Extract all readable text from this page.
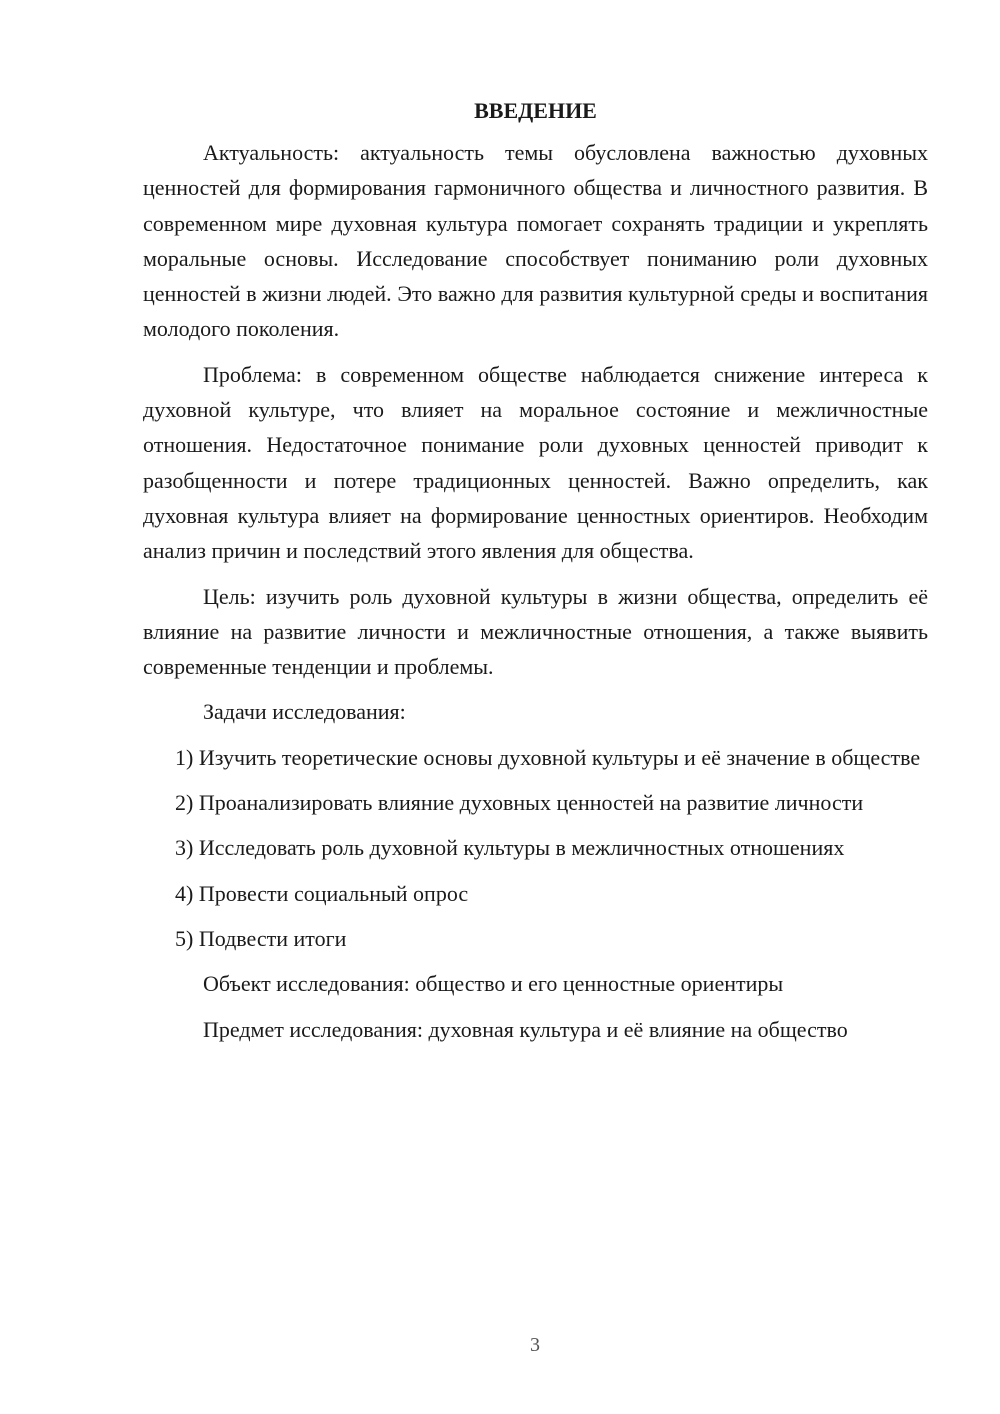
ВВЕДЕНИЕ

Актуальность: актуальность темы обусловлена важностью духовных ценностей для формирования гармоничного общества и личностного развития. В современном мире духовная культура помогает сохранять традиции и укреплять моральные основы. Исследование способствует пониманию роли духовных ценностей в жизни людей. Это важно для развития культурной среды и воспитания молодого поколения.

Проблема: в современном обществе наблюдается снижение интереса к духовной культуре, что влияет на моральное состояние и межличностные отношения. Недостаточное понимание роли духовных ценностей приводит к разобщенности и потере традиционных ценностей. Важно определить, как духовная культура влияет на формирование ценностных ориентиров. Необходим анализ причин и последствий этого явления для общества.

Цель: изучить роль духовной культуры в жизни общества, определить её влияние на развитие личности и межличностные отношения, а также выявить современные тенденции и проблемы.

Задачи исследования:

1) Изучить теоретические основы духовной культуры и её значение в обществе

2) Проанализировать влияние духовных ценностей на развитие личности

3) Исследовать роль духовной культуры в межличностных отношениях

4) Провести социальный опрос

5) Подвести итоги

Объект исследования: общество и его ценностные ориентиры

Предмет исследования: духовная культура и её влияние на общество

3
